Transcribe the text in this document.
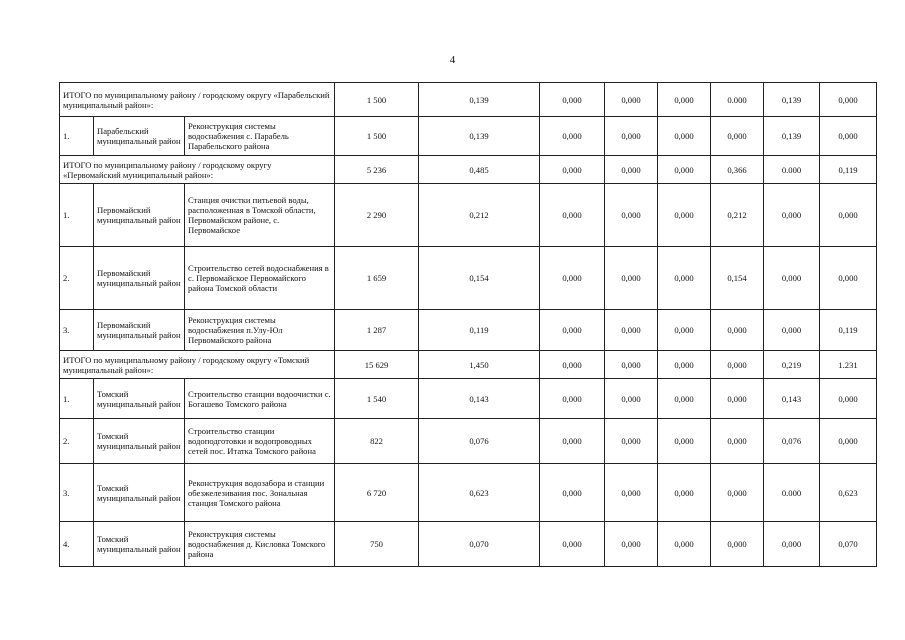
4
ИТОГО по муниципальному району / городскому округу «Парабельский муниципальный район»:			1 500	0,139	0,000	0,000	0,000	0.000	0,139	0,000
1.	Парабельский муниципальный район	Реконструкция системы водоснабжения с. Парабель Парабельского района	1 500	0,139	0,000	0,000	0,000	0,000	0,139	0,000
ИТОГО по муниципальному району / городскому округу «Первомайский муниципальный район»:			5 236	0,485	0,000	0,000	0,000	0,366	0.000	0,119
1.	Первомайский муниципальный район	Станция очистки питьевой воды, расположенная в Томской области, Первомайском районе, с. Первомайское	2 290	0,212	0,000	0,000	0,000	0,212	0,000	0,000
2.	Первомайский муниципальный район	Строительство сетей водоснабжения в с. Первомайское Первомайского района Томской области	1 659	0,154	0,000	0,000	0,000	0,154	0,000	0,000
3.	Первомайский муниципальный район	Реконструкция системы водоснабжения п.Улу-Юл Первомайского района	1 287	0,119	0,000	0,000	0,000	0,000	0,000	0,119
ИТОГО по муниципальному району / городскому округу «Томский муниципальный район»:			15 629	1,450	0,000	0,000	0,000	0,000	0,219	1.231
1.	Томский муниципальный район	Строительство станции водоочистки с. Богашево Томского района	1 540	0,143	0,000	0,000	0,000	0,000	0,143	0,000
2.	Томский муниципальный район	Строительство станции водоподготовки и водопроводных сетей пос. Итатка Томского района	822	0,076	0,000	0,000	0,000	0,000	0,076	0,000
3.	Томский муниципальный район	Реконструкция водозабора и станции обезжелезивания пос. Зональная станция Томского района	6 720	0,623	0,000	0,000	0,000	0,000	0.000	0,623
4.	Томский муниципальный район	Реконструкция системы водоснабжения д. Кисловка Томского района	750	0,070	0,000	0,000	0,000	0,000	0,000	0,070
